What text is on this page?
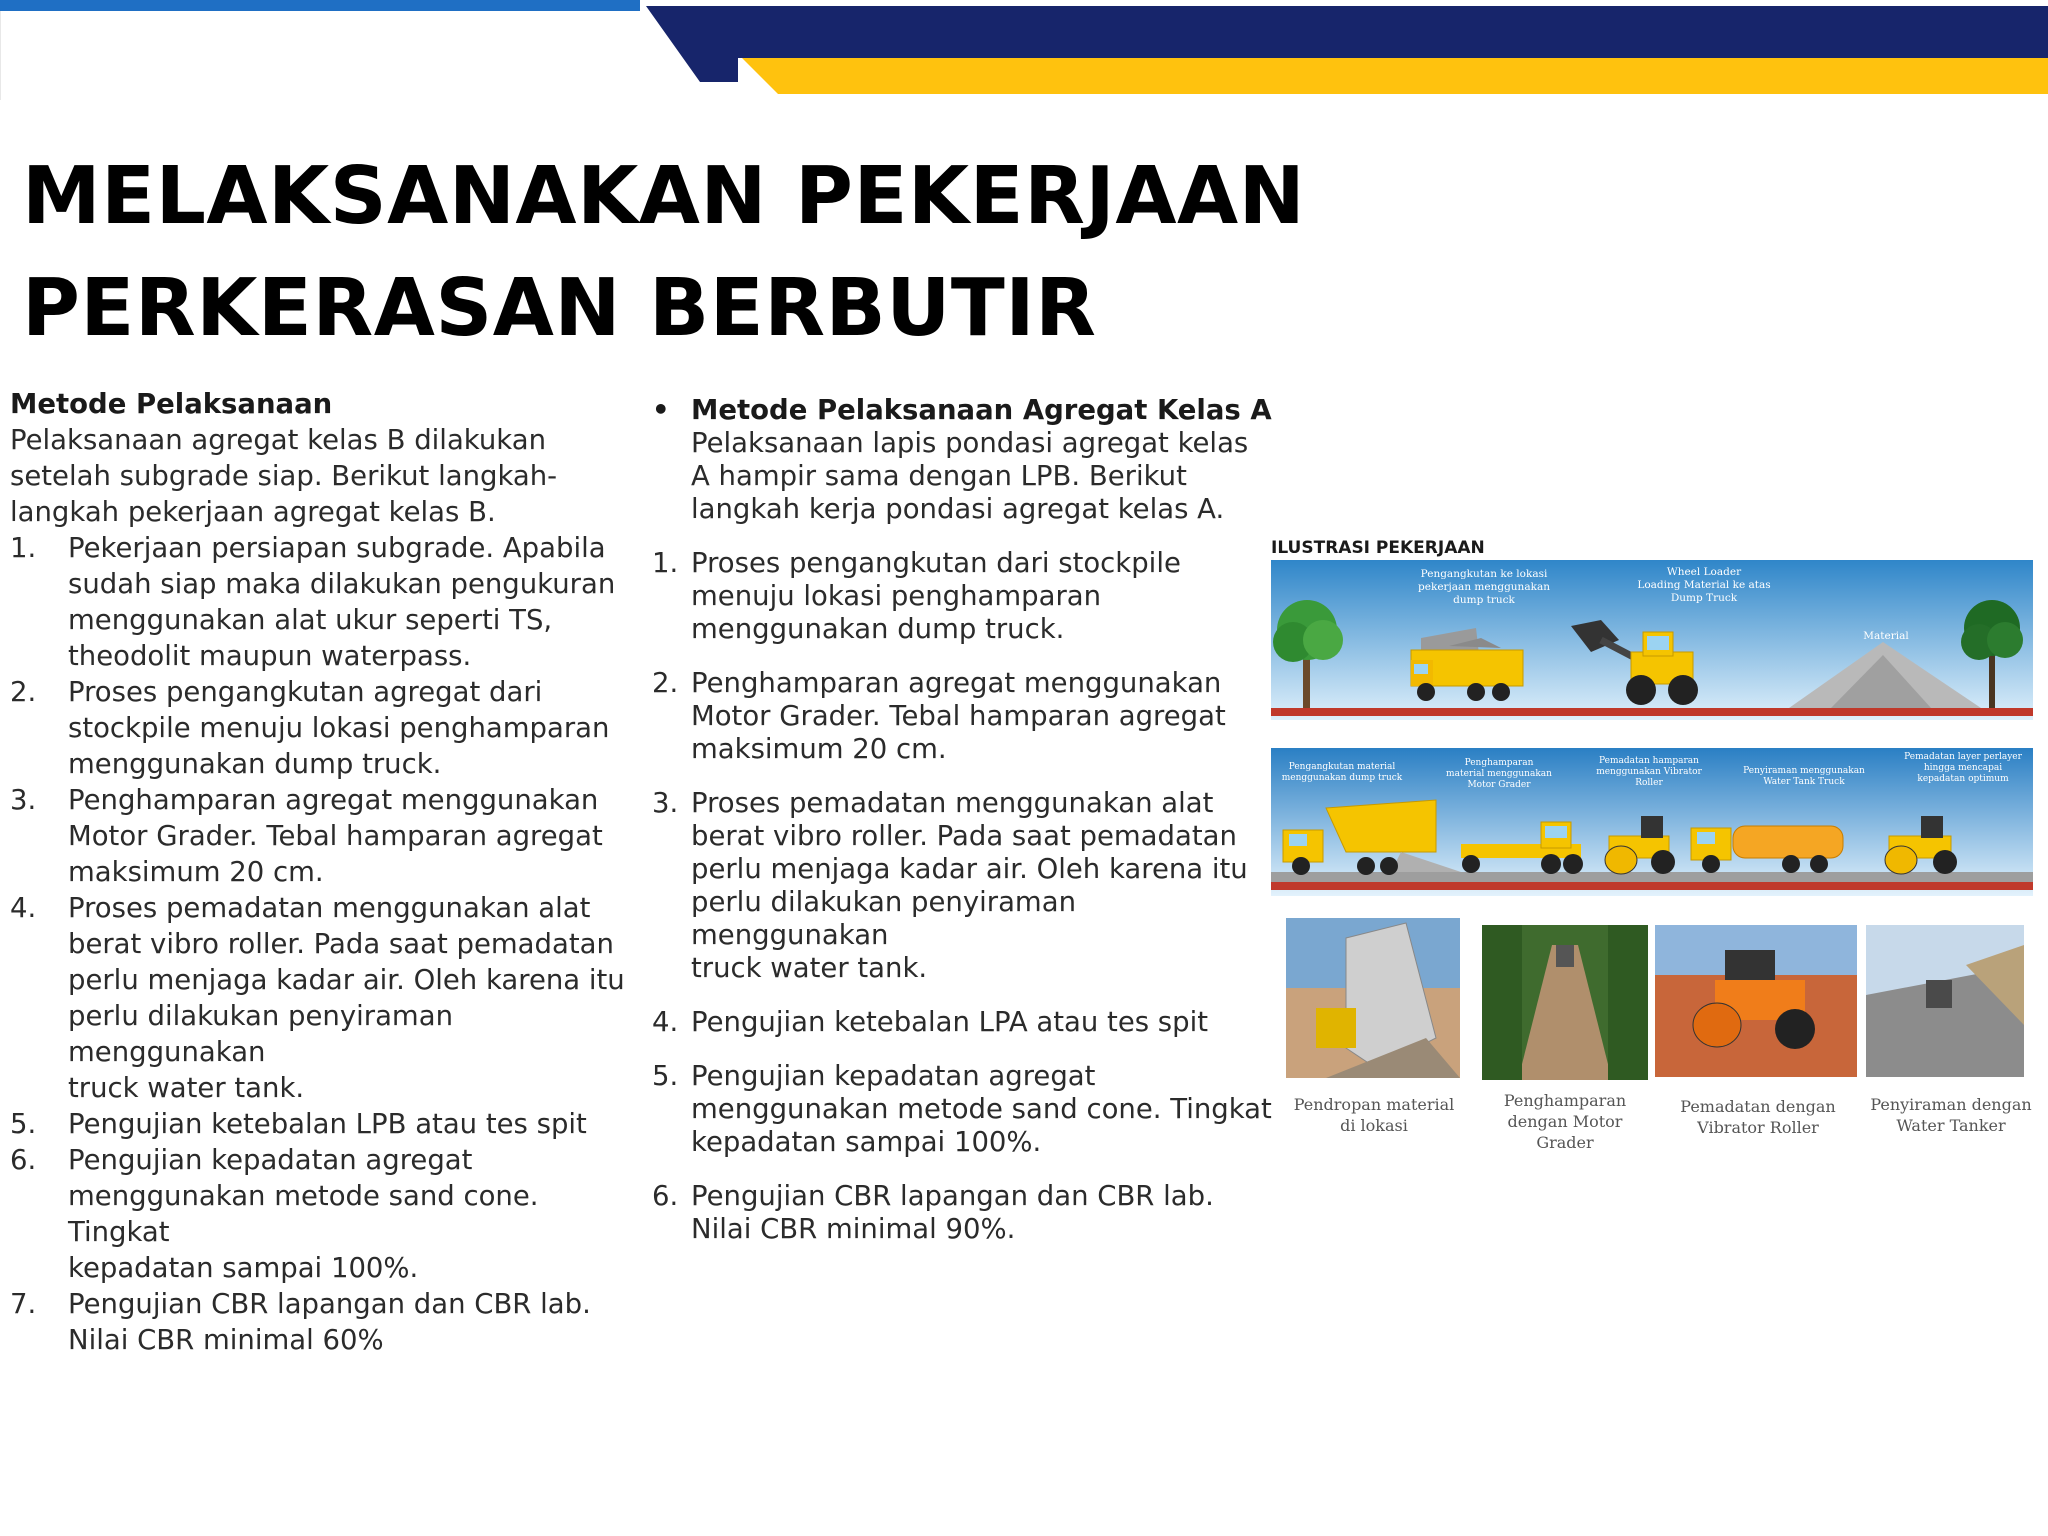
MELAKSANAKAN PEKERJAAN
PERKERASAN BERBUTIR
Metode Pelaksanaan
Pelaksanaan agregat kelas B dilakukan
setelah subgrade siap. Berikut langkah-
langkah pekerjaan agregat kelas B.
1. Pekerjaan persiapan subgrade. Apabila
sudah siap maka dilakukan pengukuran
menggunakan alat ukur seperti TS,
theodolit maupun waterpass.
2. Proses pengangkutan agregat dari
stockpile menuju lokasi penghamparan
menggunakan dump truck.
3. Penghamparan agregat menggunakan
Motor Grader. Tebal hamparan agregat
maksimum 20 cm.
4. Proses pemadatan menggunakan alat
berat vibro roller. Pada saat pemadatan
perlu menjaga kadar air. Oleh karena itu
perlu dilakukan penyiraman menggunakan
truck water tank.
5. Pengujian ketebalan LPB atau tes spit
6. Pengujian kepadatan agregat
menggunakan metode sand cone. Tingkat
kepadatan sampai 100%.
7. Pengujian CBR lapangan dan CBR lab.
Nilai CBR minimal 60%
• Metode Pelaksanaan Agregat Kelas A
Pelaksanaan lapis pondasi agregat kelas
A hampir sama dengan LPB. Berikut
langkah kerja pondasi agregat kelas A.
1. Proses pengangkutan dari stockpile
menuju lokasi penghamparan
menggunakan dump truck.
2. Penghamparan agregat menggunakan
Motor Grader. Tebal hamparan agregat
maksimum 20 cm.
3. Proses pemadatan menggunakan alat
berat vibro roller. Pada saat pemadatan
perlu menjaga kadar air. Oleh karena itu
perlu dilakukan penyiraman menggunakan
truck water tank.
4. Pengujian ketebalan LPA atau tes spit
5. Pengujian kepadatan agregat
menggunakan metode sand cone. Tingkat
kepadatan sampai 100%.
6. Pengujian CBR lapangan dan CBR lab.
Nilai CBR minimal 90%.
ILUSTRASI PEKERJAAN
Pengangkutan ke lokasi
pekerjaan menggunakan
dump truck
Wheel Loader
Loading Material ke atas
Dump Truck
Material
Pengangkutan material
menggunakan dump truck
Penghamparan
material menggunakan
Motor Grader
Pemadatan hamparan
menggunakan Vibrator
Roller
Penyiraman menggunakan
Water Tank Truck
Pemadatan layer perlayer
hingga mencapai
kepadatan optimum
Pendropan material
di lokasi
Penghamparan
dengan Motor
Grader
Pemadatan dengan
Vibrator Roller
Penyiraman dengan
Water Tanker
